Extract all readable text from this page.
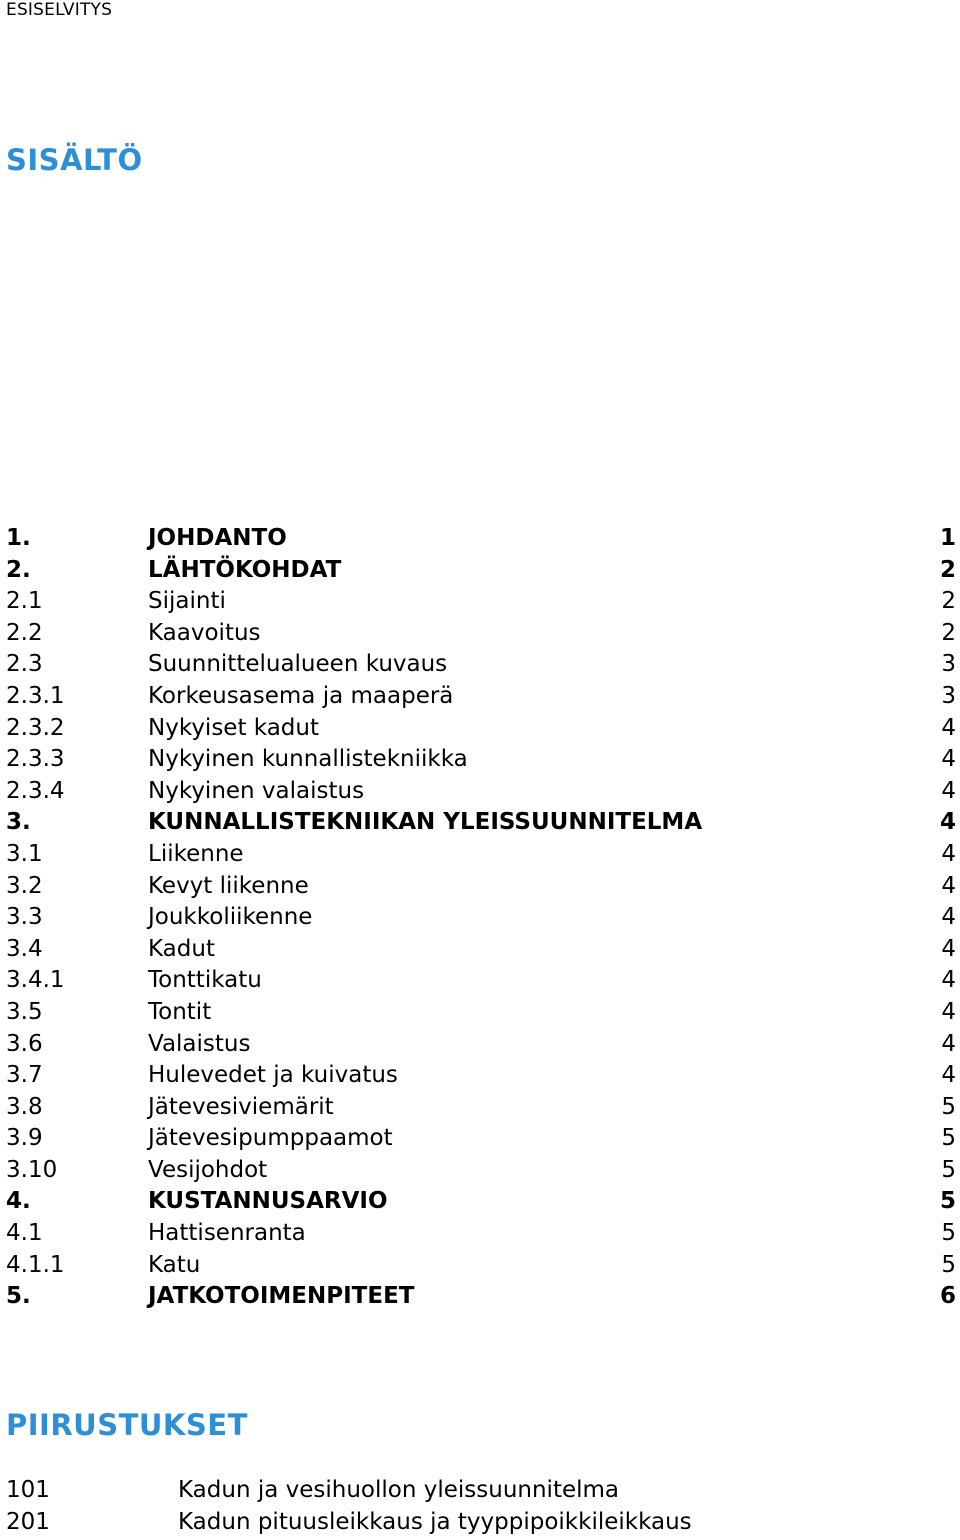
ESISELVITYS
SISÄLTÖ
1.	JOHDANTO	1
2.	LÄHTÖKOHDAT	2
2.1	Sijainti	2
2.2	Kaavoitus	2
2.3	Suunnittelualueen kuvaus	3
2.3.1	Korkeusasema ja maaperä	3
2.3.2	Nykyiset kadut	4
2.3.3	Nykyinen kunnallistekniikka	4
2.3.4	Nykyinen valaistus	4
3.	KUNNALLISTEKNIIKAN YLEISSUUNNITELMA	4
3.1	Liikenne	4
3.2	Kevyt liikenne	4
3.3	Joukkoliikenne	4
3.4	Kadut	4
3.4.1	Tonttikatu	4
3.5	Tontit	4
3.6	Valaistus	4
3.7	Hulevedet ja kuivatus	4
3.8	Jätevesiviemärit	5
3.9	Jätevesipumppaamot	5
3.10	Vesijohdot	5
4.	KUSTANNUSARVIO	5
4.1	Hattisenranta	5
4.1.1	Katu	5
5.	JATKOTOIMENPITEET	6
PIIRUSTUKSET
101	Kadun ja vesihuollon yleissuunnitelma
201	Kadun pituusleikkaus ja tyyppipoikkileikkaus
